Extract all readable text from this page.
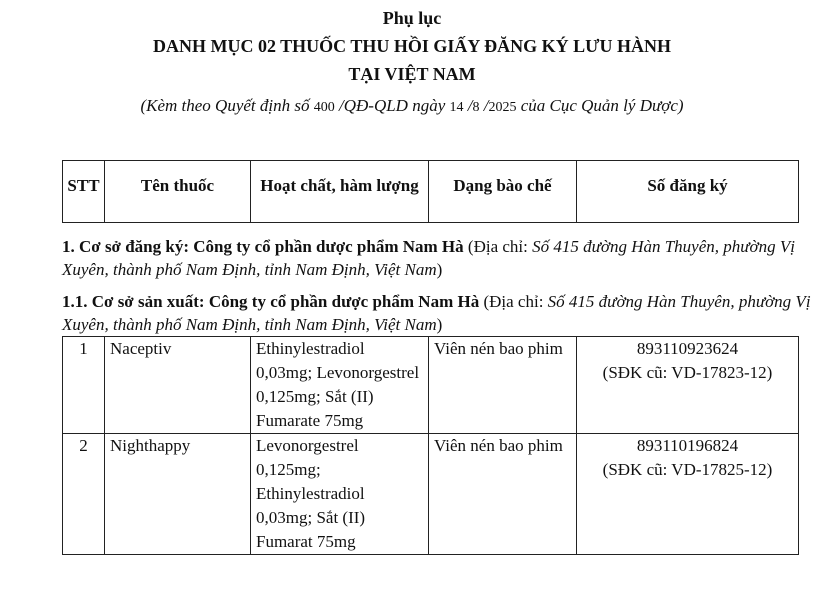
Phụ lục
DANH MỤC 02 THUỐC THU HỒI GIẤY ĐĂNG KÝ LƯU HÀNH
TẠI VIỆT NAM
(Kèm theo Quyết định số 400 /QĐ-QLD ngày 14 /8 /2025 của Cục Quản lý Dược)
STT	Tên thuốc	Hoạt chất, hàm lượng	Dạng bào chế	Số đăng ký
1. Cơ sở đăng ký: Công ty cổ phần dược phẩm Nam Hà (Địa chỉ: Số 415 đường Hàn Thuyên, phường Vị Xuyên, thành phố Nam Định, tỉnh Nam Định, Việt Nam)
1.1. Cơ sở sản xuất: Công ty cổ phần dược phẩm Nam Hà (Địa chỉ: Số 415 đường Hàn Thuyên, phường Vị Xuyên, thành phố Nam Định, tỉnh Nam Định, Việt Nam)
1	Naceptiv	Ethinylestradiol 0,03mg; Levonorgestrel 0,125mg; Sắt (II) Fumarate 75mg	Viên nén bao phim	893110923624
(SĐK cũ: VD-17823-12)

2	Nighthappy	Levonorgestrel 0,125mg; Ethinylestradiol 0,03mg; Sắt (II) Fumarat 75mg	Viên nén bao phim	893110196824
(SĐK cũ: VD-17825-12)
